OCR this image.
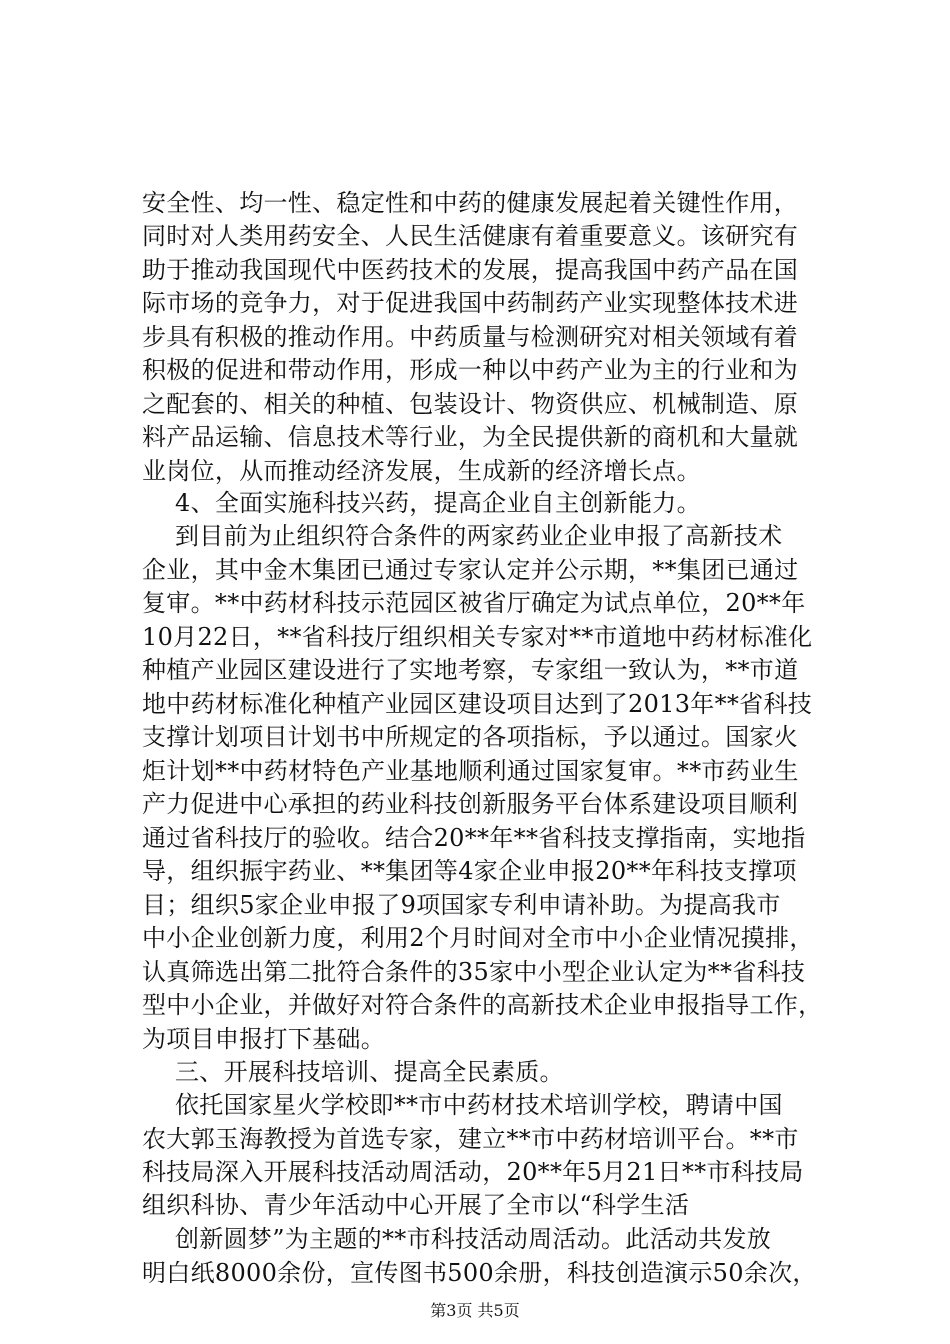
安全性、均一性、稳定性和中药的健康发展起着关键性作用，
同时对人类用药安全、人民生活健康有着重要意义。该研究有
助于推动我国现代中医药技术的发展，提高我国中药产品在国
际市场的竞争力，对于促进我国中药制药产业实现整体技术进
步具有积极的推动作用。中药质量与检测研究对相关领域有着
积极的促进和带动作用，形成一种以中药产业为主的行业和为
之配套的、相关的种植、包装设计、物资供应、机械制造、原
料产品运输、信息技术等行业，为全民提供新的商机和大量就
业岗位，从而推动经济发展，生成新的经济增长点。
4、全面实施科技兴药，提高企业自主创新能力。
到目前为止组织符合条件的两家药业企业申报了高新技术
企业，其中金木集团已通过专家认定并公示期，**集团已通过
复审。**中药材科技示范园区被省厅确定为试点单位，20**年
10月22日，**省科技厅组织相关专家对**市道地中药材标准化
种植产业园区建设进行了实地考察，专家组一致认为，**市道
地中药材标准化种植产业园区建设项目达到了2013年**省科技
支撑计划项目计划书中所规定的各项指标，予以通过。国家火
炬计划**中药材特色产业基地顺利通过国家复审。**市药业生
产力促进中心承担的药业科技创新服务平台体系建设项目顺利
通过省科技厅的验收。结合20**年**省科技支撑指南，实地指
导，组织振宇药业、**集团等4家企业申报20**年科技支撑项
目；组织5家企业申报了9项国家专利申请补助。为提高我市
中小企业创新力度，利用2个月时间对全市中小企业情况摸排，
认真筛选出第二批符合条件的35家中小型企业认定为**省科技
型中小企业，并做好对符合条件的高新技术企业申报指导工作，
为项目申报打下基础。
三、开展科技培训、提高全民素质。
依托国家星火学校即**市中药材技术培训学校，聘请中国
农大郭玉海教授为首选专家，建立**市中药材培训平台。**市
科技局深入开展科技活动周活动，20**年5月21日**市科技局
组织科协、青少年活动中心开展了全市以“科学生活
创新圆梦”为主题的**市科技活动周活动。此活动共发放
明白纸8000余份，宣传图书500余册，科技创造演示50余次，
第3页 共5页
